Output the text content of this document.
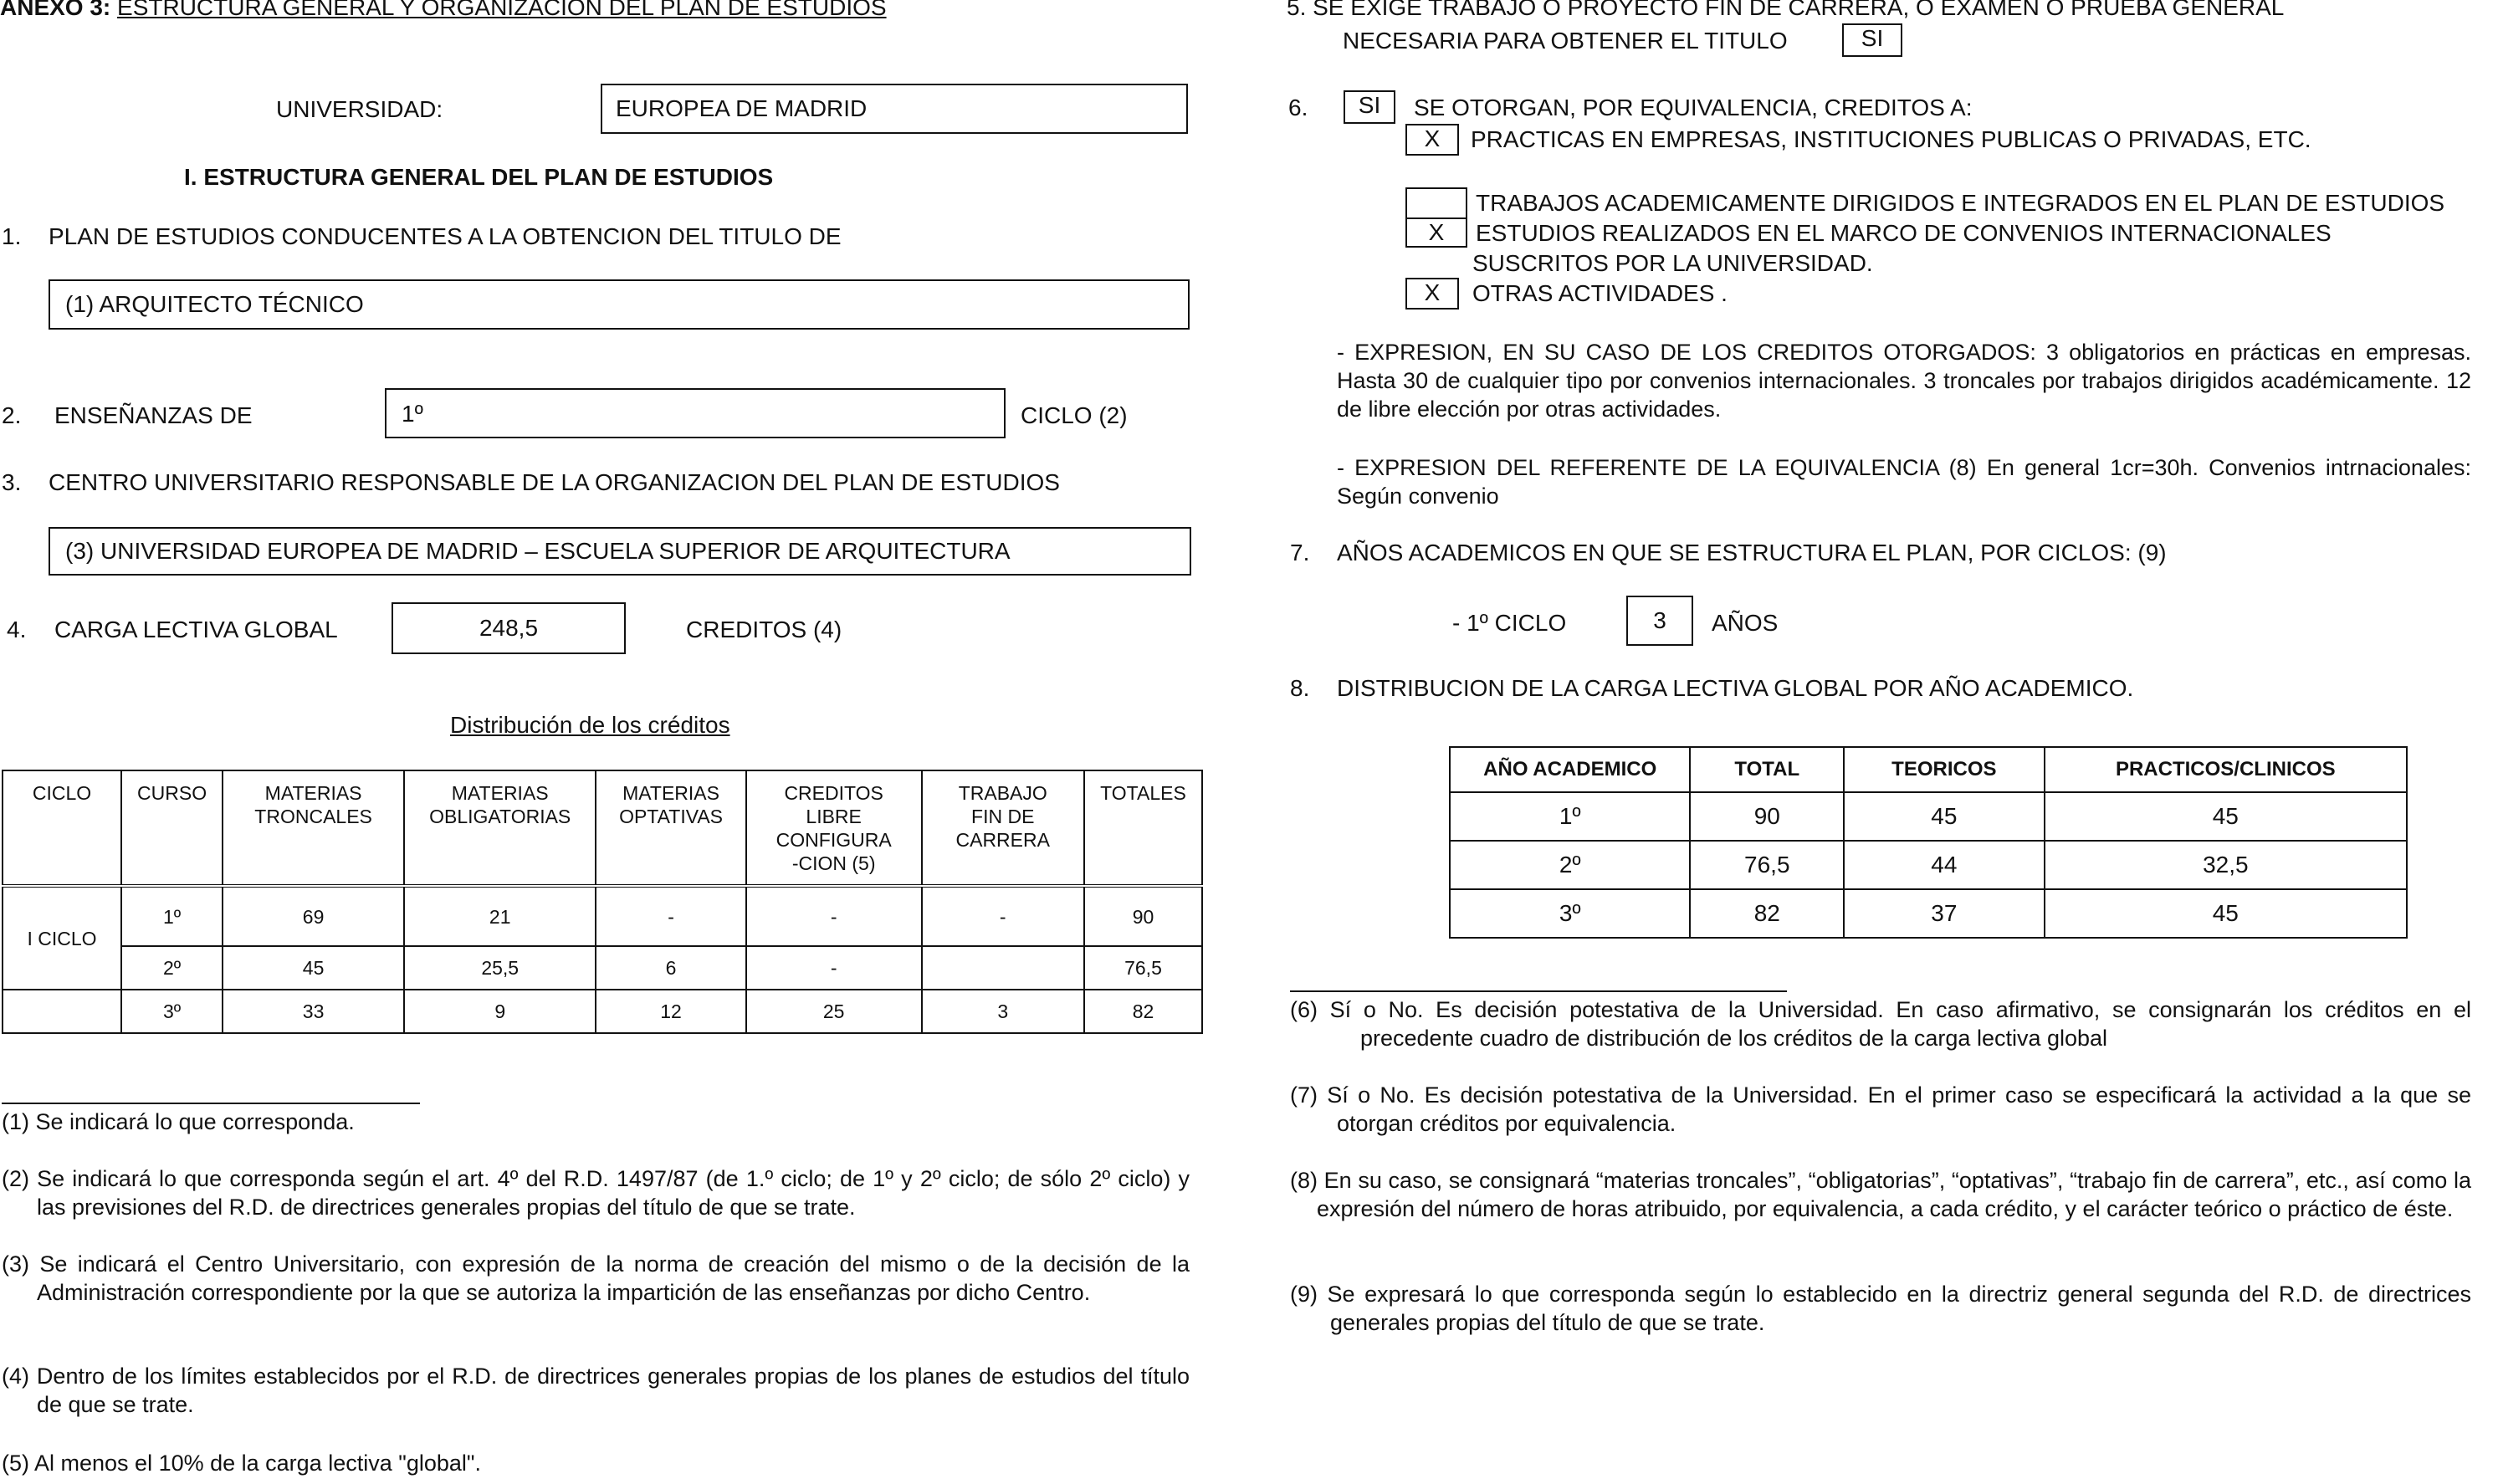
ANEXO 3: ESTRUCTURA GENERAL Y ORGANIZACION DEL PLAN DE ESTUDIOS
UNIVERSIDAD:	EUROPEA DE MADRID
I. ESTRUCTURA GENERAL DEL PLAN DE ESTUDIOS
1. PLAN DE ESTUDIOS CONDUCENTES A LA OBTENCION DEL TITULO DE
(1) ARQUITECTO TÉCNICO
2. ENSEÑANZAS DE	1º	CICLO (2)
3. CENTRO UNIVERSITARIO RESPONSABLE DE LA ORGANIZACION DEL PLAN DE ESTUDIOS
(3) UNIVERSIDAD EUROPEA DE MADRID – ESCUELA SUPERIOR DE ARQUITECTURA
4. CARGA LECTIVA GLOBAL	248,5	CREDITOS (4)
Distribución de los créditos
CICLO	CURSO	MATERIAS TRONCALES	MATERIAS OBLIGATORIAS	MATERIAS OPTATIVAS	CREDITOS LIBRE CONFIGURA -CION (5)	TRABAJO FIN DE CARRERA	TOTALES
I CICLO	1º	69	21	-	-	-	90
	2º	45	25,5	6	-		76,5
	3º	33	9	12	25	3	82
(1) Se indicará lo que corresponda.
(2) Se indicará lo que corresponda según el art. 4º del R.D. 1497/87 (de 1.º ciclo; de 1º y 2º ciclo; de sólo 2º ciclo) y las previsiones del R.D. de directrices generales propias del título de que se trate.
(3) Se indicará el Centro Universitario, con expresión de la norma de creación del mismo o de la decisión de la Administración correspondiente por la que se autoriza la impartición de las enseñanzas por dicho Centro.
(4) Dentro de los límites establecidos por el R.D. de directrices generales propias de los planes de estudios del título de que se trate.
(5) Al menos el 10% de la carga lectiva "global".
5. SE EXIGE TRABAJO O PROYECTO FIN DE CARRERA, O EXAMEN O PRUEBA GENERAL
NECESARIA PARA OBTENER EL TITULO	SI
6.	SI	SE OTORGAN, POR EQUIVALENCIA, CREDITOS A:
X	PRACTICAS EN EMPRESAS, INSTITUCIONES PUBLICAS O PRIVADAS, ETC.
TRABAJOS ACADEMICAMENTE DIRIGIDOS E INTEGRADOS EN EL PLAN DE ESTUDIOS
X	ESTUDIOS REALIZADOS EN EL MARCO DE CONVENIOS INTERNACIONALES
SUSCRITOS POR LA UNIVERSIDAD.
X	OTRAS ACTIVIDADES .
- EXPRESION, EN SU CASO DE LOS CREDITOS OTORGADOS: 3 obligatorios en prácticas en empresas. Hasta 30 de cualquier tipo por convenios internacionales. 3 troncales por trabajos dirigidos académicamente. 12 de libre elección por otras actividades.
- EXPRESION DEL REFERENTE DE LA EQUIVALENCIA (8) En general 1cr=30h. Convenios intrnacionales: Según convenio
7. AÑOS ACADEMICOS EN QUE SE ESTRUCTURA EL PLAN, POR CICLOS: (9)
- 1º CICLO	3	AÑOS
8. DISTRIBUCION DE LA CARGA LECTIVA GLOBAL POR AÑO ACADEMICO.
AÑO ACADEMICO	TOTAL	TEORICOS	PRACTICOS/CLINICOS
1º	90	45	45
2º	76,5	44	32,5
3º	82	37	45
(6) Sí o No. Es decisión potestativa de la Universidad. En caso afirmativo, se consignarán los créditos en el precedente cuadro de distribución de los créditos de la carga lectiva global
(7) Sí o No. Es decisión potestativa de la Universidad. En el primer caso se especificará la actividad a la que se otorgan créditos por equivalencia.
(8) En su caso, se consignará “materias troncales”, “obligatorias”, “optativas”, “trabajo fin de carrera”, etc., así como la expresión del número de horas atribuido, por equivalencia, a cada crédito, y el carácter teórico o práctico de éste.
(9) Se expresará lo que corresponda según lo establecido en la directriz general segunda del R.D. de directrices generales propias del título de que se trate.
